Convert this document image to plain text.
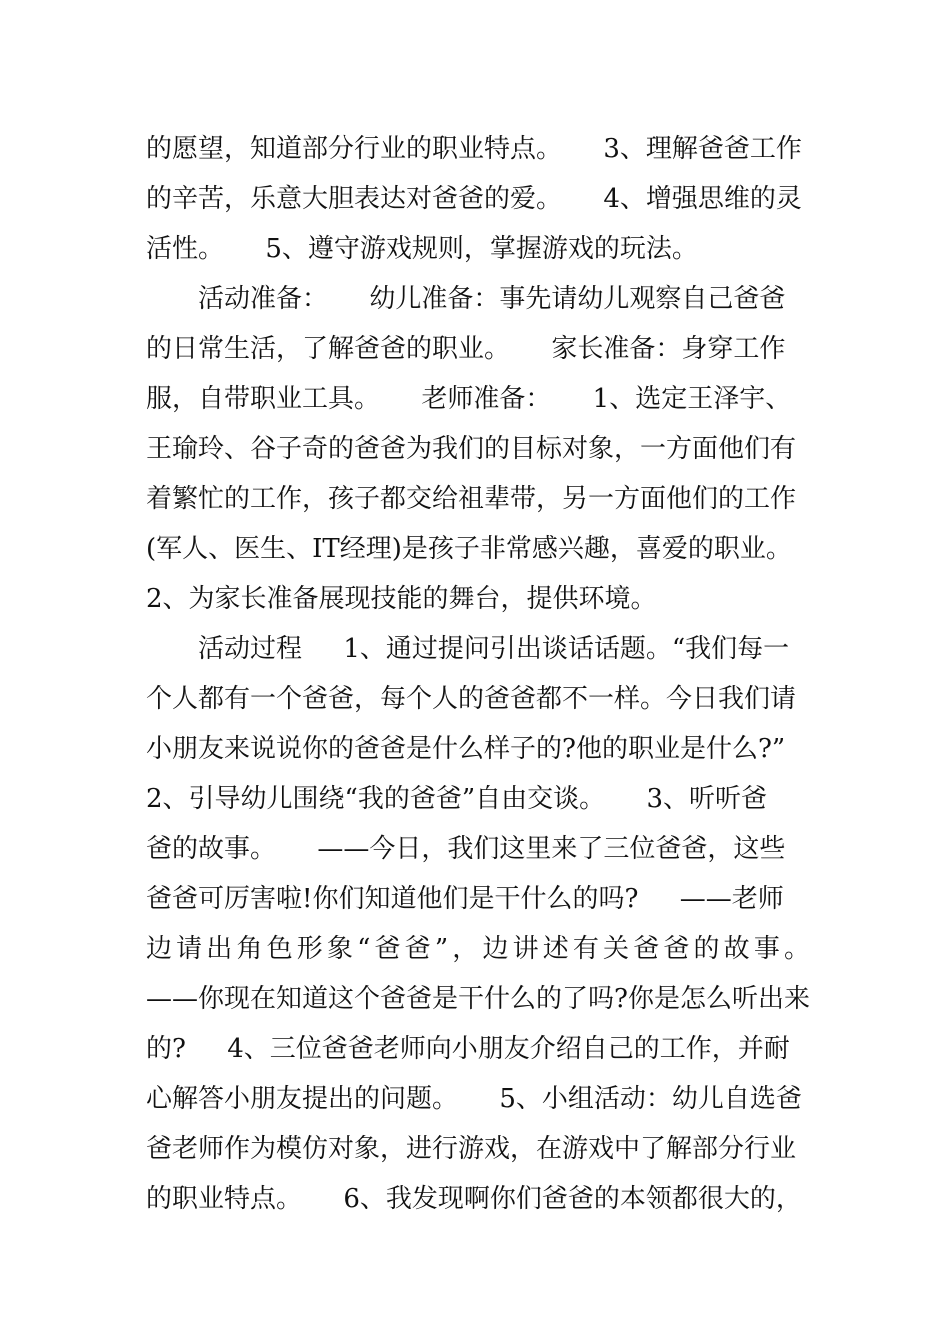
的愿望，知道部分行业的职业特点。     3、理解爸爸工作
的辛苦，乐意大胆表达对爸爸的爱。     4、增强思维的灵
活性。     5、遵守游戏规则，掌握游戏的玩法。
活动准备：     幼儿准备：事先请幼儿观察自己爸爸
的日常生活，了解爸爸的职业。     家长准备：身穿工作
服，自带职业工具。     老师准备：     1、选定王泽宇、
王瑜玲、谷子奇的爸爸为我们的目标对象，一方面他们有
着繁忙的工作，孩子都交给祖辈带，另一方面他们的工作
(军人、医生、IT经理)是孩子非常感兴趣，喜爱的职业。
2、为家长准备展现技能的舞台，提供环境。
活动过程     1、通过提问引出谈话话题。“我们每一
个人都有一个爸爸，每个人的爸爸都不一样。今日我们请
小朋友来说说你的爸爸是什么样子的?他的职业是什么?”
2、引导幼儿围绕“我的爸爸”自由交谈。     3、听听爸
爸的故事。     ——今日，我们这里来了三位爸爸，这些
爸爸可厉害啦!你们知道他们是干什么的吗?     ——老师
边请出角色形象“爸爸”，边讲述有关爸爸的故事。
——你现在知道这个爸爸是干什么的了吗?你是怎么听出来
的?     4、三位爸爸老师向小朋友介绍自己的工作，并耐
心解答小朋友提出的问题。     5、小组活动：幼儿自选爸
爸老师作为模仿对象，进行游戏，在游戏中了解部分行业
的职业特点。     6、我发现啊你们爸爸的本领都很大的，
